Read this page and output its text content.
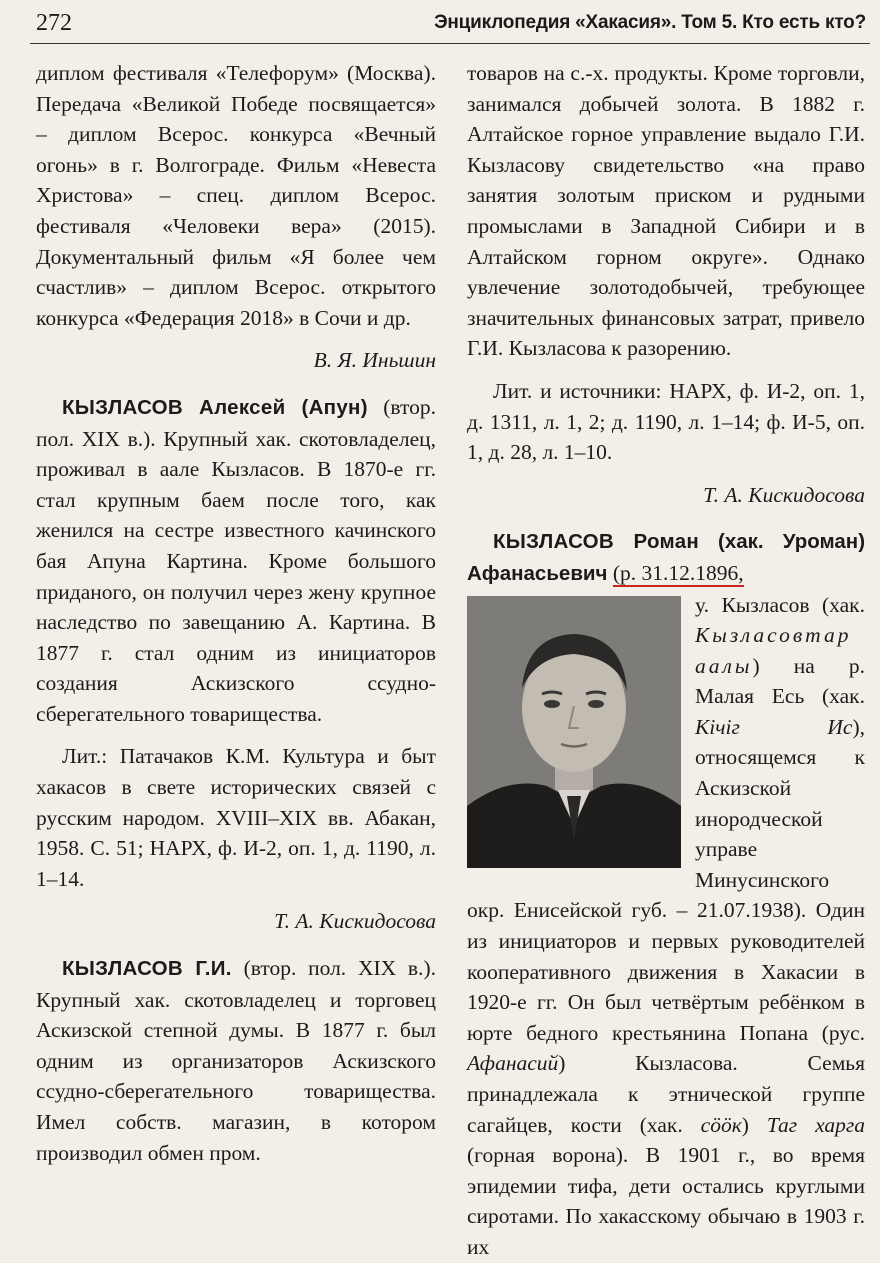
272	Энциклопедия «Хакасия». Том 5. Кто есть кто?

диплом фестиваля «Телефорум» (Москва). Передача «Великой Победе посвящается» – диплом Всерос. конкурса «Вечный огонь» в г. Волгограде. Фильм «Невеста Христова» – спец. диплом Всерос. фестиваля «Человеки вера» (2015). Документальный фильм «Я более чем счастлив» – диплом Всерос. открытого конкурса «Федерация 2018» в Сочи и др.

В. Я. Иньшин

КЫЗЛАСОВ Алексей (Апун) (втор. пол. XIX в.). Крупный хак. скотовладелец, проживал в аале Кызласов. В 1870-е гг. стал крупным баем после того, как женился на сестре известного качинского бая Апуна Картина. Кроме большого приданого, он получил через жену крупное наследство по завещанию А. Картина. В 1877 г. стал одним из инициаторов создания Аскизского ссудно-сберегательного товарищества.

Лит.: Патачаков К.М. Культура и быт хакасов в свете исторических связей с русским народом. XVIII–XIX вв. Абакан, 1958. С. 51; НАРХ, ф. И-2, оп. 1, д. 1190, л. 1–14.

Т. А. Кискидосова

КЫЗЛАСОВ Г.И. (втор. пол. XIX в.). Крупный хак. скотовладелец и торговец Аскизской степной думы. В 1877 г. был одним из организаторов Аскизского ссудно-сберегательного товарищества. Имел собств. магазин, в котором производил обмен пром.

товаров на с.-х. продукты. Кроме торговли, занимался добычей золота. В 1882 г. Алтайское горное управление выдало Г.И. Кызласову свидетельство «на право занятия золотым приском и рудными промыслами в Западной Сибири и в Алтайском горном округе». Однако увлечение золотодобычей, требующее значительных финансовых затрат, привело Г.И. Кызласова к разорению.

Лит. и источники: НАРХ, ф. И-2, оп. 1, д. 1311, л. 1, 2; д. 1190, л. 1–14; ф. И-5, оп. 1, д. 28, л. 1–10.

Т. А. Кискидосова

КЫЗЛАСОВ Роман (хак. Уроман) Афанасьевич (р. 31.12.1896,

у. Кызласов (хак. Кызласовтар аалы) на р. Малая Есь (хак. Кiчiг Ис), относящемся к Аскизской инородческой управе Минусинского окр. Енисейской губ. – 21.07.1938). Один из инициаторов и первых руководителей кооперативного движения в Хакасии в 1920-е гг. Он был четвёртым ребёнком в юрте бедного крестьянина Попана (рус. Афанасий) Кызласова. Семья принадлежала к этнической группе сагайцев, кости (хак. сööк) Таг харга (горная ворона). В 1901 г., во время эпидемии тифа, дети остались круглыми сиротами. По хакасскому обычаю в 1903 г. их
